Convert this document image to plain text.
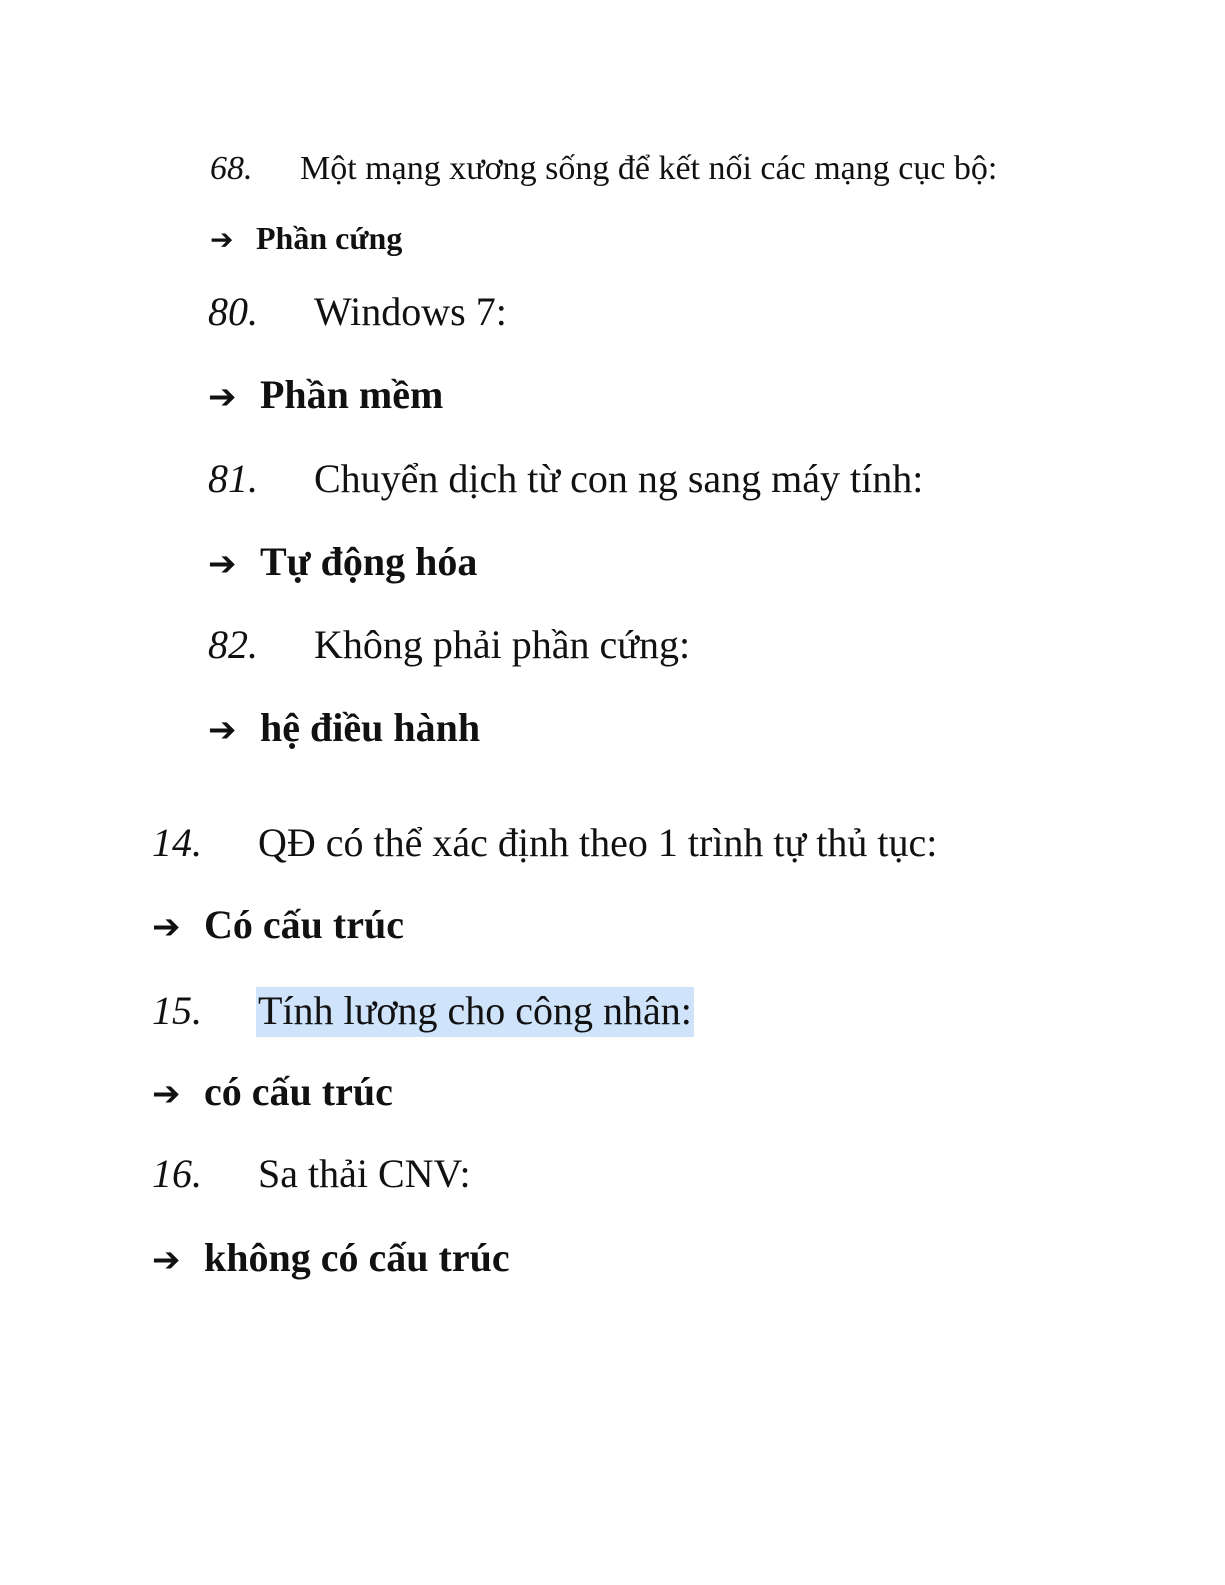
68.	Một mạng xương sống để kết nối các mạng cục bộ:
➔ Phần cứng
80.	Windows 7:
➔ Phần mềm
81.	Chuyển dịch từ con ng sang máy tính:
➔ Tự động hóa
82.	Không phải phần cứng:
➔ hệ điều hành
14.	QĐ có thể xác định theo 1 trình tự thủ tục:
➔ Có cấu trúc
15.	Tính lương cho công nhân:
➔ có cấu trúc
16.	Sa thải CNV:
➔ không có cấu trúc
